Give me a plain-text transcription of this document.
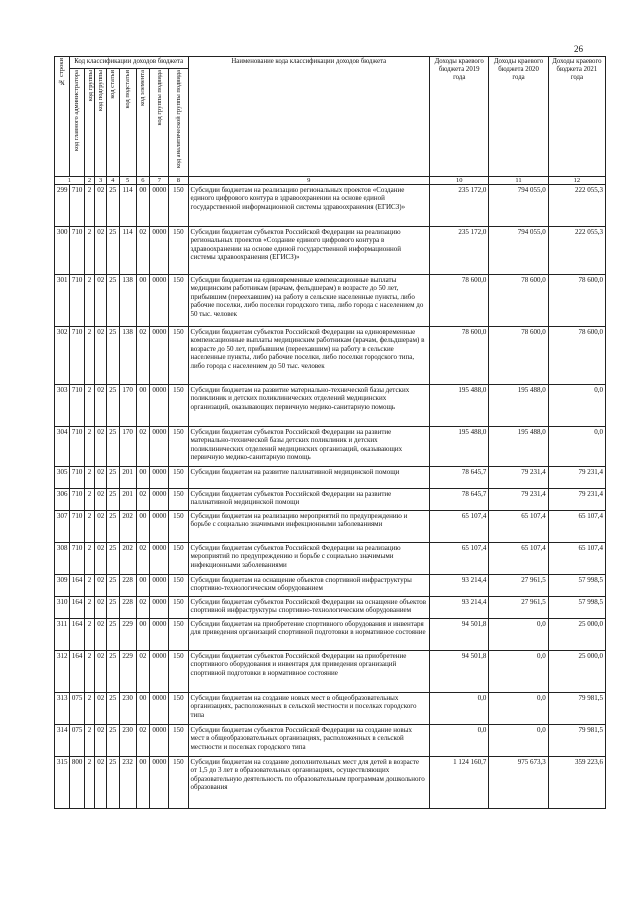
26
№ строки	Код классификации доходов бюджета								Наименование кода классификации доходов бюджета	Доходы краевого бюджета 2019 года	Доходы краевого бюджета 2020 года	Доходы краевого бюджета 2021 года

	код главного администратора	код группы	код подгруппы	код статьи	код подстатьи	код элемента	код группы подвида	код аналитической группы подвида				

1		2	3	4	5	6	7	8	9	10	11	12
299	710	2	02	25	114	00	0000	150	Субсидии бюджетам на реализацию региональных проектов «Создание единого цифрового контура в здравоохранении на основе единой государственной информационной системы здравоохранения (ЕГИСЗ)»	235 172,0	794 055,0	222 055,3
300	710	2	02	25	114	02	0000	150	Субсидии бюджетам субъектов Российской Федерации на реализацию региональных проектов «Создание единого цифрового контура в здравоохранении на основе единой государственной информационной системы здравоохранения (ЕГИСЗ)»	235 172,0	794 055,0	222 055,3
301	710	2	02	25	138	00	0000	150	Субсидии бюджетам на единовременные компенсационные выплаты медицинским работникам (врачам, фельдшерам) в возрасте до 50 лет, прибывшим (переехавшим) на работу в сельские населенные пункты, либо рабочие поселки, либо поселки городского типа, либо города с населением до 50 тыс. человек	78 600,0	78 600,0	78 600,0
302	710	2	02	25	138	02	0000	150	Субсидии бюджетам субъектов Российской Федерации на единовременные компенсационные выплаты медицинским работникам (врачам, фельдшерам) в возрасте до 50 лет, прибывшим (переехавшим) на работу в сельские населенные пункты, либо рабочие поселки, либо поселки городского типа, либо города с населением до 50 тыс. человек	78 600,0	78 600,0	78 600,0
303	710	2	02	25	170	00	0000	150	Субсидии бюджетам на развитие материально-технической базы детских поликлиник и детских поликлинических отделений медицинских организаций, оказывающих первичную медико-санитарную помощь	195 488,0	195 488,0	0,0
304	710	2	02	25	170	02	0000	150	Субсидии бюджетам субъектов Российской Федерации на развитие материально-технической базы детских поликлиник и детских поликлинических отделений медицинских организаций, оказывающих первичную медико-санитарную помощь	195 488,0	195 488,0	0,0
305	710	2	02	25	201	00	0000	150	Субсидии бюджетам на развитие паллиативной медицинской помощи	78 645,7	79 231,4	79 231,4
306	710	2	02	25	201	02	0000	150	Субсидии бюджетам субъектов Российской Федерации на развитие паллиативной медицинской помощи	78 645,7	79 231,4	79 231,4
307	710	2	02	25	202	00	0000	150	Субсидии бюджетам на реализацию мероприятий по предупреждению и борьбе с социально значимыми инфекционными заболеваниями	65 107,4	65 107,4	65 107,4
308	710	2	02	25	202	02	0000	150	Субсидии бюджетам субъектов Российской Федерации на реализацию мероприятий по предупреждению и борьбе с социально значимыми инфекционными заболеваниями	65 107,4	65 107,4	65 107,4
309	164	2	02	25	228	00	0000	150	Субсидии бюджетам на оснащение объектов спортивной инфраструктуры спортивно-технологическим оборудованием	93 214,4	27 961,5	57 998,5
310	164	2	02	25	228	02	0000	150	Субсидии бюджетам субъектов Российской Федерации на оснащение объектов спортивной инфраструктуры спортивно-технологическим оборудованием	93 214,4	27 961,5	57 998,5
311	164	2	02	25	229	00	0000	150	Субсидии бюджетам на приобретение спортивного оборудования и инвентаря для приведения организаций спортивной подготовки в нормативное состояние	94 501,8	0,0	25 000,0
312	164	2	02	25	229	02	0000	150	Субсидии бюджетам субъектов Российской Федерации на приобретение спортивного оборудования и инвентаря для приведения организаций спортивной подготовки в нормативное состояние	94 501,8	0,0	25 000,0
313	075	2	02	25	230	00	0000	150	Субсидии бюджетам на создание новых мест в общеобразовательных организациях, расположенных в сельской местности и поселках городского типа	0,0	0,0	79 981,5
314	075	2	02	25	230	02	0000	150	Субсидии бюджетам субъектов Российской Федерации на создание новых мест в общеобразовательных организациях, расположенных в сельской местности и поселках городского типа	0,0	0,0	79 981,5
315	800	2	02	25	232	00	0000	150	Субсидии бюджетам на создание дополнительных мест для детей в возрасте от 1,5 до 3 лет в образовательных организациях, осуществляющих образовательную деятельность по образовательным программам дошкольного образования	1 124 160,7	975 673,3	359 223,6
